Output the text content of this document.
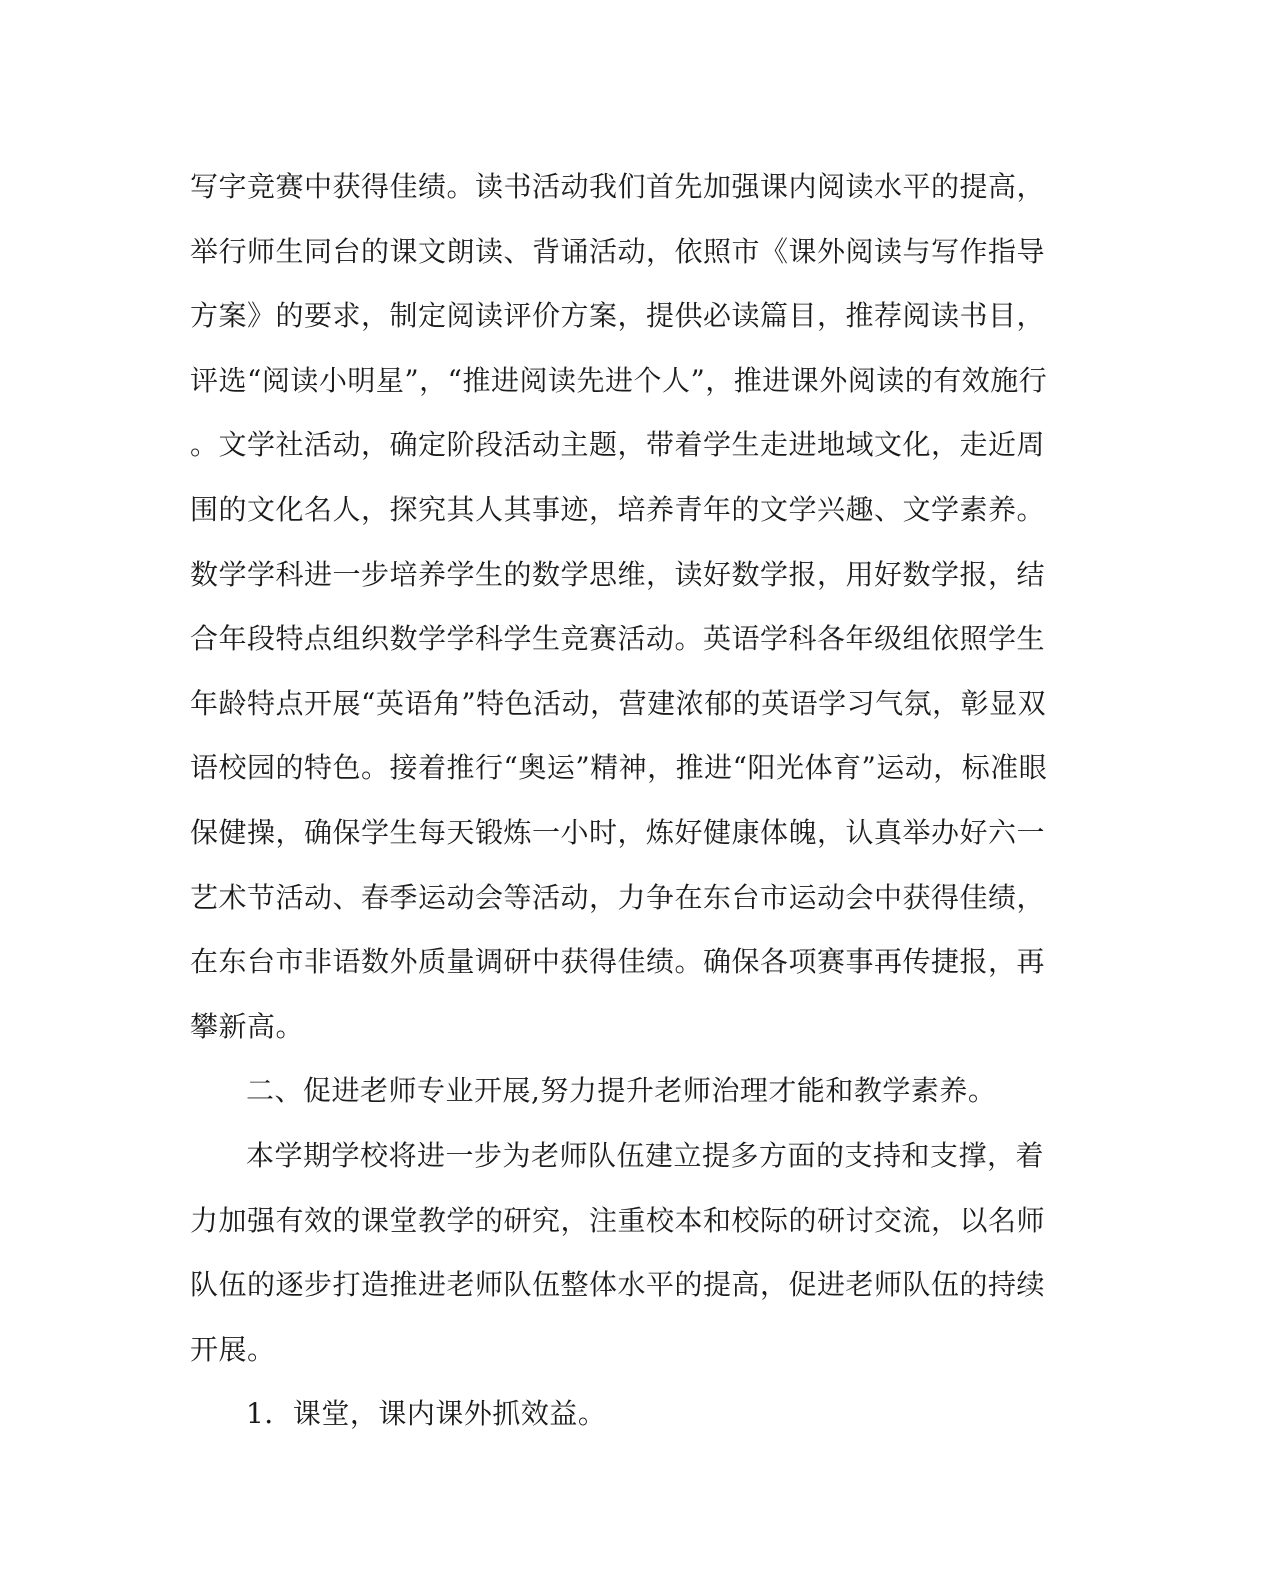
写字竞赛中获得佳绩。读书活动我们首先加强课内阅读水平的提高，
举行师生同台的课文朗读、背诵活动，依照市《课外阅读与写作指导
方案》的要求，制定阅读评价方案，提供必读篇目，推荐阅读书目，
评选“阅读小明星”，“推进阅读先进个人”，推进课外阅读的有效施行
。文学社活动，确定阶段活动主题，带着学生走进地域文化，走近周
围的文化名人，探究其人其事迹，培养青年的文学兴趣、文学素养。
数学学科进一步培养学生的数学思维，读好数学报，用好数学报，结
合年段特点组织数学学科学生竞赛活动。英语学科各年级组依照学生
年龄特点开展“英语角”特色活动，营建浓郁的英语学习气氛，彰显双
语校园的特色。接着推行“奥运”精神，推进“阳光体育”运动，标准眼
保健操，确保学生每天锻炼一小时，炼好健康体魄，认真举办好六一
艺术节活动、春季运动会等活动，力争在东台市运动会中获得佳绩，
在东台市非语数外质量调研中获得佳绩。确保各项赛事再传捷报，再
攀新高。
二、促进老师专业开展,努力提升老师治理才能和教学素养。
本学期学校将进一步为老师队伍建立提多方面的支持和支撑，着
力加强有效的课堂教学的研究，注重校本和校际的研讨交流，以名师
队伍的逐步打造推进老师队伍整体水平的提高，促进老师队伍的持续
开展。
1．课堂，课内课外抓效益。
